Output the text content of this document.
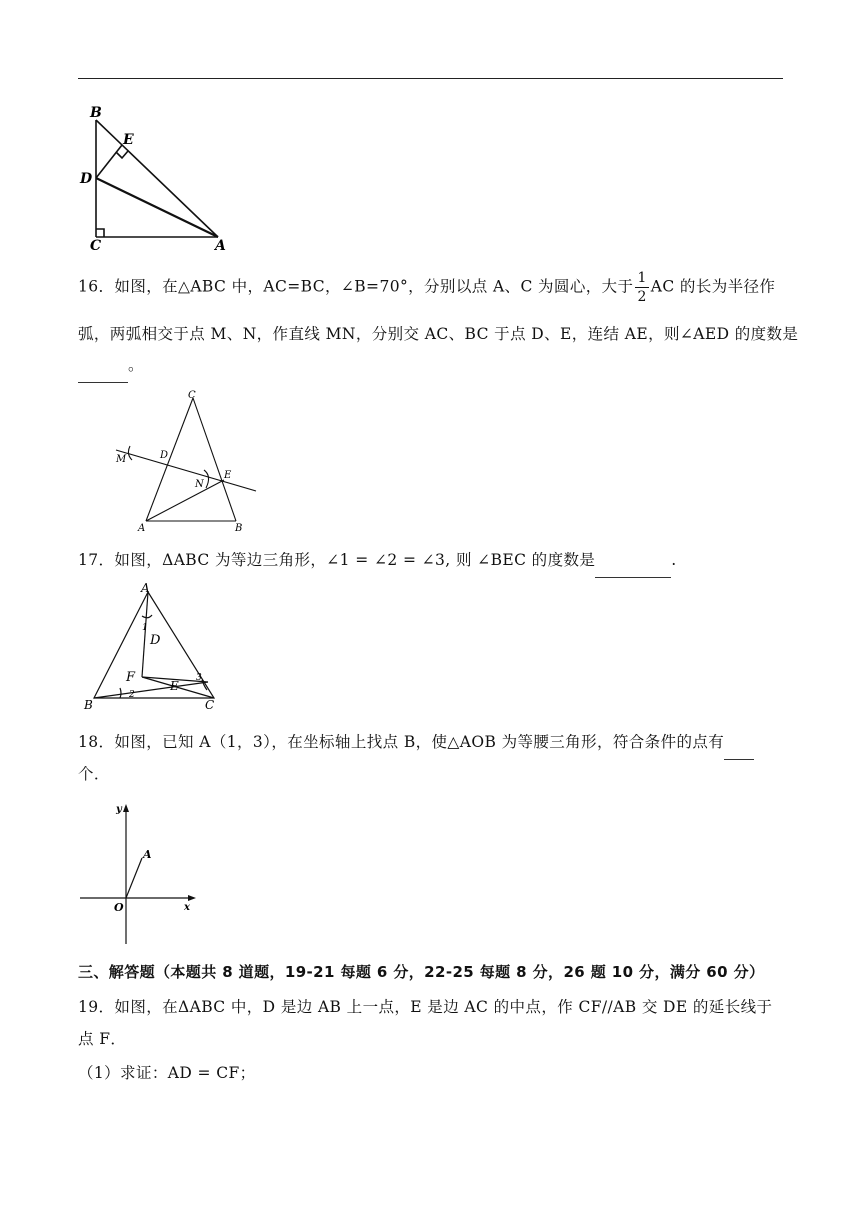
B
E
D
C	A
16．如图，在△ABC 中，AC=BC，∠B=70°，分别以点 A、C 为圆心，大于 $\frac{1}{2}$ AC 的长为半径作
弧，两弧相交于点 M、N，作直线 MN，分别交 AC、BC 于点 D、E，连结 AE，则∠AED 的度数是
。
C
D
E
M
N
A	B
17．如图，ΔABC 为等边三角形，∠1 = ∠2 = ∠3, 则 ∠BEC 的度数是	.
A
B	C
D
E
F
1
2
3
18．如图，已知 A（1，3），在坐标轴上找点 B，使△AOB 为等腰三角形，符合条件的点有
个．
y
x
O
A
三、解答题（本题共 8 道题，19-21 每题 6 分，22-25 每题 8 分，26 题 10 分，满分 60 分）
19．如图，在ΔABC 中，D 是边 AB 上一点，E 是边 AC 的中点，作 CF//AB 交 DE 的延长线于
点 F．
（1）求证：AD = CF；
